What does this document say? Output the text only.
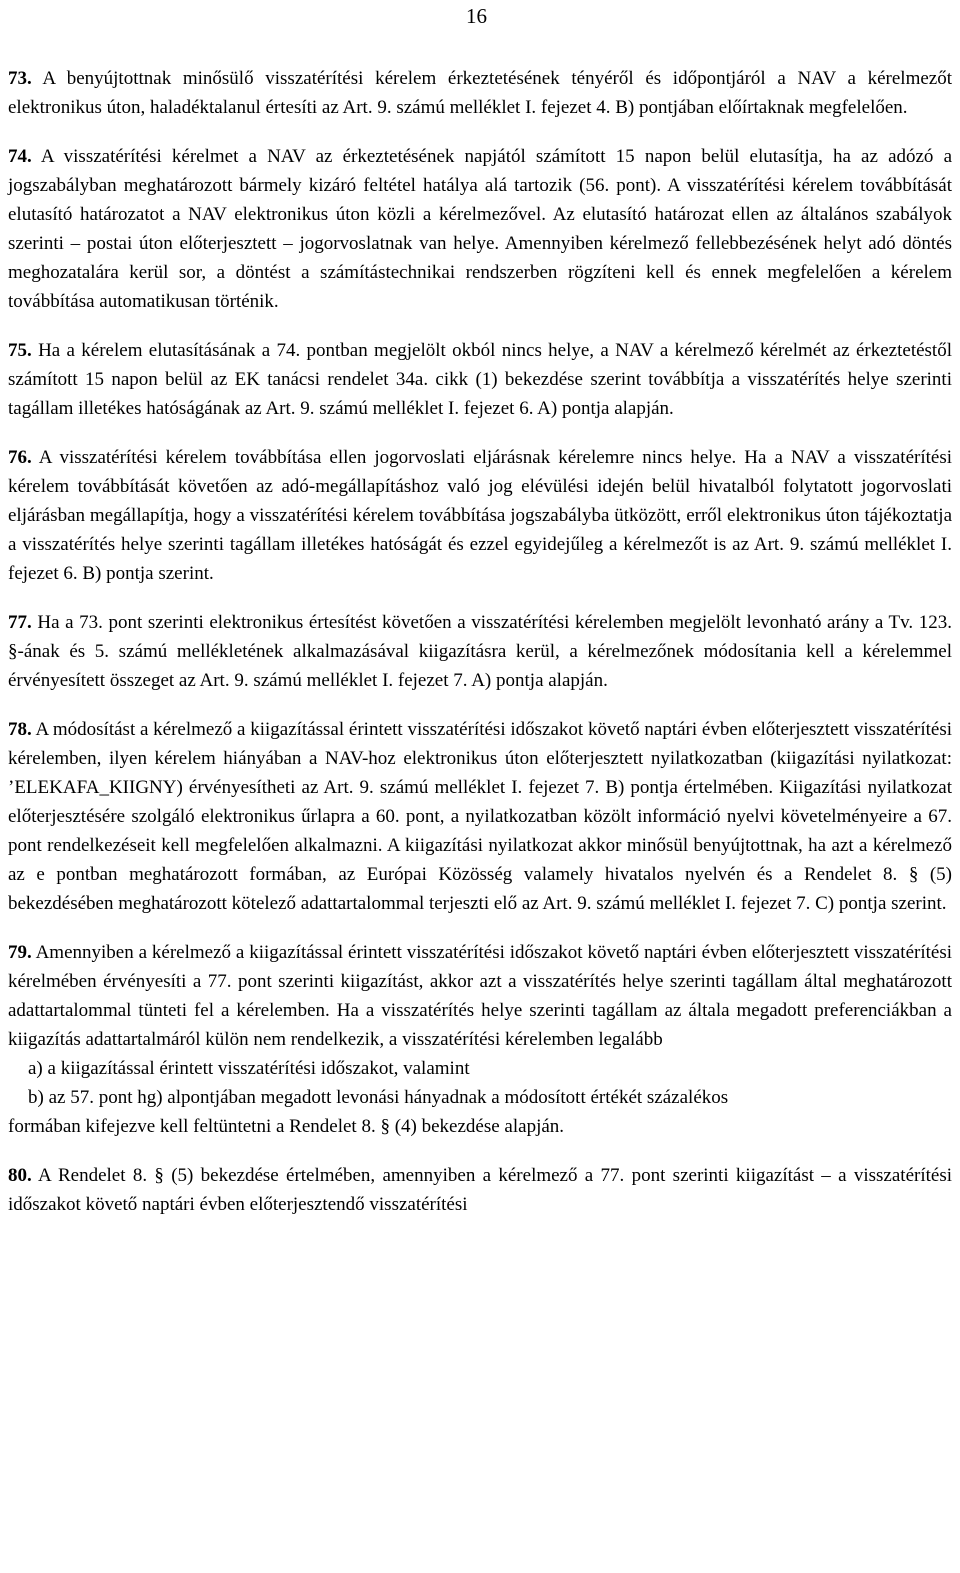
16

73. A benyújtottnak minősülő visszatérítési kérelem érkeztetésének tényéről és időpontjáról a NAV a kérelmezőt elektronikus úton, haladéktalanul értesíti az Art. 9. számú melléklet I. fejezet 4. B) pontjában előírtaknak megfelelően.

74. A visszatérítési kérelmet a NAV az érkeztetésének napjától számított 15 napon belül elutasítja, ha az adózó a jogszabályban meghatározott bármely kizáró feltétel hatálya alá tartozik (56. pont). A visszatérítési kérelem továbbítását elutasító határozatot a NAV elektronikus úton közli a kérelmezővel. Az elutasító határozat ellen az általános szabályok szerinti – postai úton előterjesztett – jogorvoslatnak van helye. Amennyiben kérelmező fellebbezésének helyt adó döntés meghozatalára kerül sor, a döntést a számítástechnikai rendszerben rögzíteni kell és ennek megfelelően a kérelem továbbítása automatikusan történik.

75. Ha a kérelem elutasításának a 74. pontban megjelölt okból nincs helye, a NAV a kérelmező kérelmét az érkeztetéstől számított 15 napon belül az EK tanácsi rendelet 34a. cikk (1) bekezdése szerint továbbítja a visszatérítés helye szerinti tagállam illetékes hatóságának az Art. 9. számú melléklet I. fejezet 6. A) pontja alapján.

76. A visszatérítési kérelem továbbítása ellen jogorvoslati eljárásnak kérelemre nincs helye. Ha a NAV a visszatérítési kérelem továbbítását követően az adó-megállapításhoz való jog elévülési idején belül hivatalból folytatott jogorvoslati eljárásban megállapítja, hogy a visszatérítési kérelem továbbítása jogszabályba ütközött, erről elektronikus úton tájékoztatja a visszatérítés helye szerinti tagállam illetékes hatóságát és ezzel egyidejűleg a kérelmezőt is az Art. 9. számú melléklet I. fejezet 6. B) pontja szerint.

77. Ha a 73. pont szerinti elektronikus értesítést követően a visszatérítési kérelemben megjelölt levonható arány a Tv. 123. §-ának és 5. számú mellékletének alkalmazásával kiigazításra kerül, a kérelmezőnek módosítania kell a kérelemmel érvényesített összeget az Art. 9. számú melléklet I. fejezet 7. A) pontja alapján.

78. A módosítást a kérelmező a kiigazítással érintett visszatérítési időszakot követő naptári évben előterjesztett visszatérítési kérelemben, ilyen kérelem hiányában a NAV-hoz elektronikus úton előterjesztett nyilatkozatban (kiigazítási nyilatkozat: ’ELEKAFA_KIIGNY) érvényesítheti az Art. 9. számú melléklet I. fejezet 7. B) pontja értelmében. Kiigazítási nyilatkozat előterjesztésére szolgáló elektronikus űrlapra a 60. pont, a nyilatkozatban közölt információ nyelvi követelményeire a 67. pont rendelkezéseit kell megfelelően alkalmazni. A kiigazítási nyilatkozat akkor minősül benyújtottnak, ha azt a kérelmező az e pontban meghatározott formában, az Európai Közösség valamely hivatalos nyelvén és a Rendelet 8. § (5) bekezdésében meghatározott kötelező adattartalommal terjeszti elő az Art. 9. számú melléklet I. fejezet 7. C) pontja szerint.

79. Amennyiben a kérelmező a kiigazítással érintett visszatérítési időszakot követő naptári évben előterjesztett visszatérítési kérelmében érvényesíti a 77. pont szerinti kiigazítást, akkor azt a visszatérítés helye szerinti tagállam által meghatározott adattartalommal tünteti fel a kérelemben. Ha a visszatérítés helye szerinti tagállam az általa megadott preferenciákban a kiigazítás adattartalmáról külön nem rendelkezik, a visszatérítési kérelemben legalább
a) a kiigazítással érintett visszatérítési időszakot, valamint
b) az 57. pont hg) alpontjában megadott levonási hányadnak a módosított értékét százalékos
formában kifejezve kell feltüntetni a Rendelet 8. § (4) bekezdése alapján.

80. A Rendelet 8. § (5) bekezdése értelmében, amennyiben a kérelmező a 77. pont szerinti kiigazítást – a visszatérítési időszakot követő naptári évben előterjesztendő visszatérítési
